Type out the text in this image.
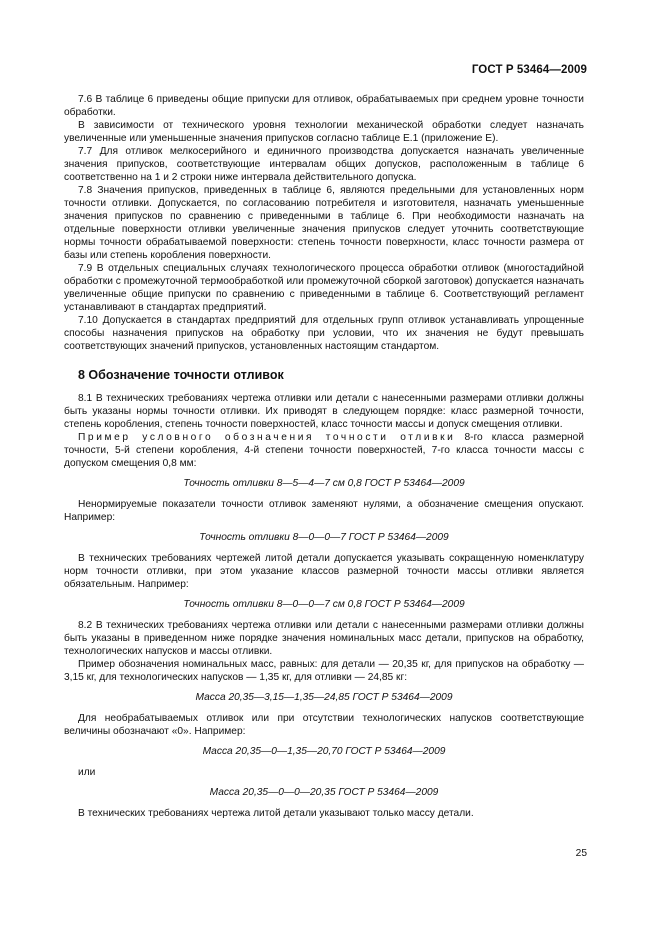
ГОСТ Р 53464—2009

7.6 В таблице 6 приведены общие припуски для отливок, обрабатываемых при среднем уровне точности обработки.

В зависимости от технического уровня технологии механической обработки следует назначать увеличенные или уменьшенные значения припусков согласно таблице Е.1 (приложение Е).

7.7 Для отливок мелкосерийного и единичного производства допускается назначать увеличенные значения припусков, соответствующие интервалам общих допусков, расположенным в таблице 6 соответственно на 1 и 2 строки ниже интервала действительного допуска.

7.8 Значения припусков, приведенных в таблице 6, являются предельными для установленных норм точности отливки. Допускается, по согласованию потребителя и изготовителя, назначать уменьшенные значения припусков по сравнению с приведенными в таблице 6. При необходимости назначать на отдельные поверхности отливки увеличенные значения припусков следует уточнить соответствующие нормы точности обрабатываемой поверхности: степень точности поверхности, класс точности размера от базы или степень коробления поверхности.

7.9 В отдельных специальных случаях технологического процесса обработки отливок (многостадийной обработки с промежуточной термообработкой или промежуточной сборкой заготовок) допускается назначать увеличенные общие припуски по сравнению с приведенными в таблице 6. Соответствующий регламент устанавливают в стандартах предприятий.

7.10 Допускается в стандартах предприятий для отдельных групп отливок устанавливать упрощенные способы назначения припусков на обработку при условии, что их значения не будут превышать соответствующих значений припусков, установленных настоящим стандартом.

8 Обозначение точности отливок

8.1 В технических требованиях чертежа отливки или детали с нанесенными размерами отливки должны быть указаны нормы точности отливки. Их приводят в следующем порядке: класс размерной точности, степень коробления, степень точности поверхностей, класс точности массы и допуск смещения отливки.

Пример условного обозначения точности отливки 8-го класса размерной точности, 5-й степени коробления, 4-й степени точности поверхностей, 7-го класса точности массы с допуском смещения 0,8 мм:

Точность отливки 8—5—4—7 см 0,8 ГОСТ Р 53464—2009

Ненормируемые показатели точности отливок заменяют нулями, а обозначение смещения опускают. Например:

Точность отливки 8—0—0—7 ГОСТ Р 53464—2009

В технических требованиях чертежей литой детали допускается указывать сокращенную номенклатуру норм точности отливки, при этом указание классов размерной точности массы отливки является обязательным. Например:

Точность отливки 8—0—0—7 см 0,8 ГОСТ Р 53464—2009

8.2 В технических требованиях чертежа отливки или детали с нанесенными размерами отливки должны быть указаны в приведенном ниже порядке значения номинальных масс детали, припусков на обработку, технологических напусков и массы отливки.

Пример обозначения номинальных масс, равных: для детали — 20,35 кг, для припусков на обработку — 3,15 кг, для технологических напусков — 1,35 кг, для отливки — 24,85 кг:

Масса 20,35—3,15—1,35—24,85 ГОСТ Р 53464—2009

Для необрабатываемых отливок или при отсутствии технологических напусков соответствующие величины обозначают «0». Например:

Масса 20,35—0—1,35—20,70 ГОСТ Р 53464—2009

или

Масса 20,35—0—0—20,35 ГОСТ Р 53464—2009

В технических требованиях чертежа литой детали указывают только массу детали.

25
